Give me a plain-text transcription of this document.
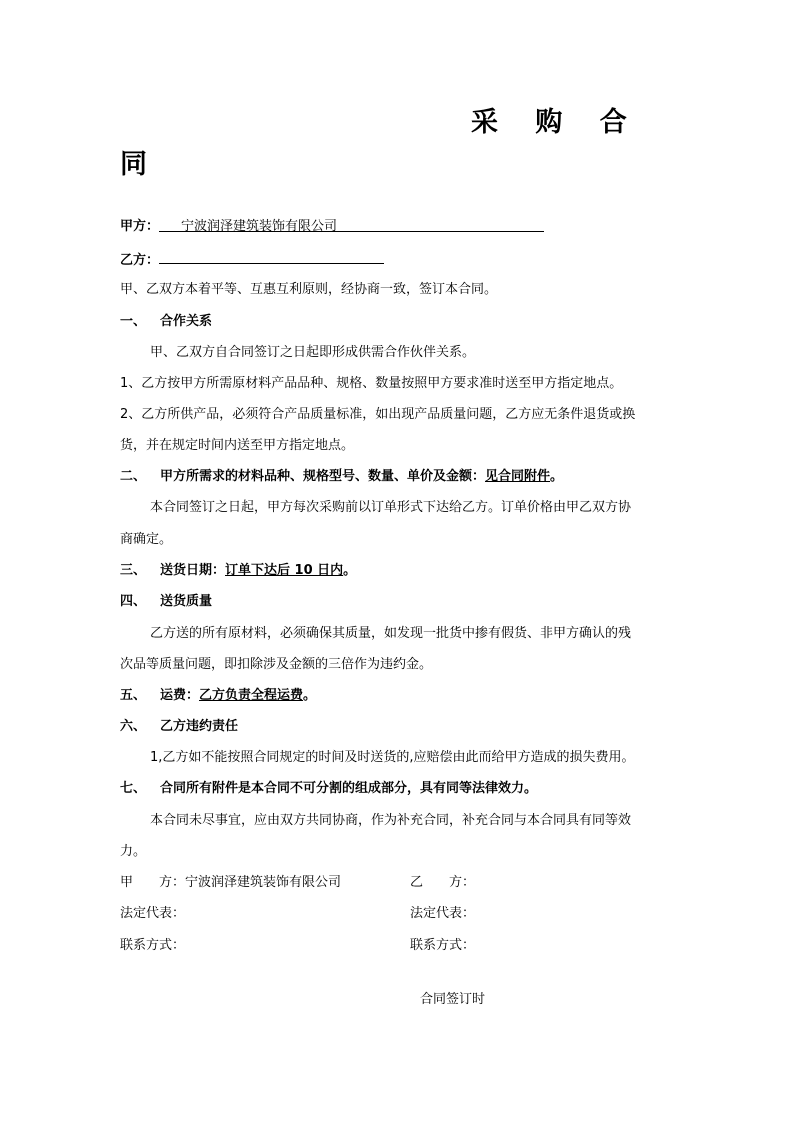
采 购 合
同
甲方： 宁波润泽建筑装饰有限公司
乙方：
甲、乙双方本着平等、互惠互利原则，经协商一致，签订本合同。
一、 合作关系
甲、乙双方自合同签订之日起即形成供需合作伙伴关系。
1、乙方按甲方所需原材料产品品种、规格、数量按照甲方要求准时送至甲方指定地点。
2、乙方所供产品，必须符合产品质量标准，如出现产品质量问题，乙方应无条件退货或换
货，并在规定时间内送至甲方指定地点。
二、 甲方所需求的材料品种、规格型号、数量、单价及金额：见合同附件。
本合同签订之日起，甲方每次采购前以订单形式下达给乙方。订单价格由甲乙双方协
商确定。
三、 送货日期：订单下达后 10 日内。
四、 送货质量
乙方送的所有原材料，必须确保其质量，如发现一批货中掺有假货、非甲方确认的残
次品等质量问题，即扣除涉及金额的三倍作为违约金。
五、 运费：乙方负责全程运费。
六、 乙方违约责任
1,乙方如不能按照合同规定的时间及时送货的,应赔偿由此而给甲方造成的损失费用。
七、 合同所有附件是本合同不可分割的组成部分，具有同等法律效力。
本合同未尽事宜，应由双方共同协商，作为补充合同，补充合同与本合同具有同等效
力。
甲　　方：宁波润泽建筑装饰有限公司	乙　　方：
法定代表：	法定代表：
联系方式：	联系方式：
合同签订时
